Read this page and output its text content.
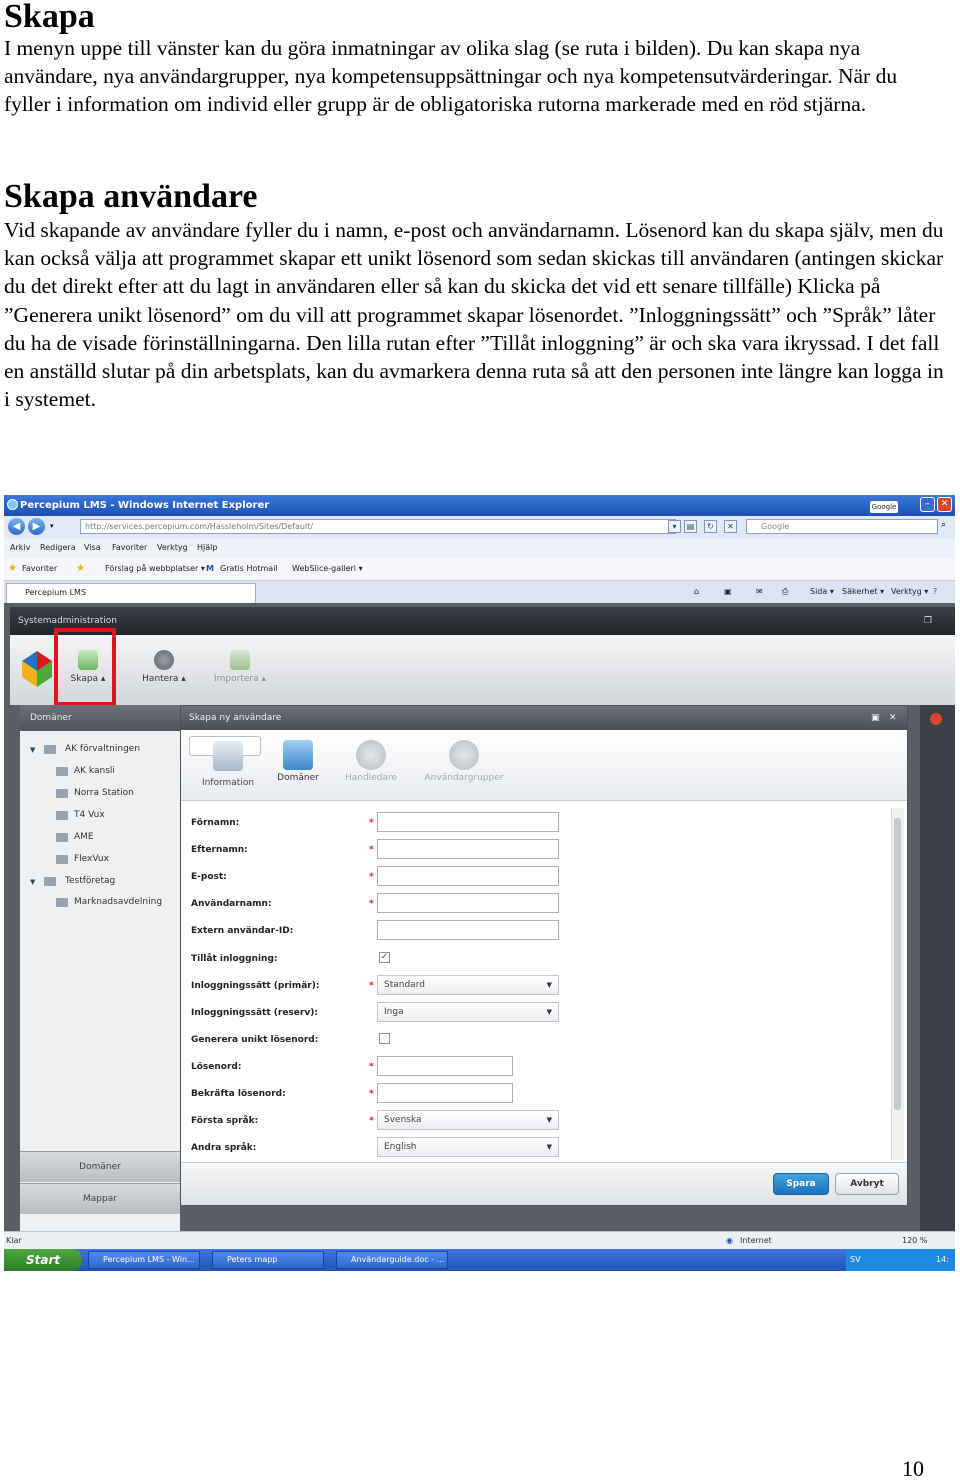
Skapa

I menyn uppe till vänster kan du göra inmatningar av olika slag (se ruta i bilden). Du kan skapa nya användare, nya användargrupper, nya kompetensuppsättningar och nya kompetensutvärderingar. När du fyller i information om individ eller grupp är de obligatoriska rutorna markerade med en röd stjärna.

Skapa användare

Vid skapande av användare fyller du i namn, e-post och användarnamn. Lösenord kan du skapa själv, men du kan också välja att programmet skapar ett unikt lösenord som sedan skickas till användaren (antingen skickar du det direkt efter att du lagt in användaren eller så kan du skicka det vid ett senare tillfälle) Klicka på ”Generera unikt lösenord” om du vill att programmet skapar lösenordet. ”Inloggningssätt” och ”Språk” låter du ha de visade förinställningarna. Den lilla rutan efter ”Tillåt inloggning” är och ska vara ikryssad. I det fall en anställd slutar på din arbetsplats, kan du avmarkera denna ruta så att den personen inte längre kan logga in i systemet.

Percepium LMS - Windows Internet Explorer	Google	–	✕
◀	▶	▾	http://services.percepium.com/Hassleholm/Sites/Default/	▾	▤	↻	✕	Google	⌕
Arkiv Redigera Visa Favoriter Verktyg Hjälp
★ Favoriter ★	Förslag på webbplatser ▾ M Gratis Hotmail WebSlice-galleri ▾
Percepium LMS	⌂	▣	✉ ⎙	Sida ▾ Säkerhet ▾ Verktyg ▾ ?
Systemadministration	❐
Skapa ▴	Hantera ▴	Importera ▴
Domäner
▼	AK förvaltningen
AK kansli
Norra Station
T4 Vux
AME
FlexVux
▼	Testföretag
Marknadsavdelning
Domäner
Mappar
Skapa ny användare	▣ ✕
Information	Domäner	Handledare	Användargrupper
Förnamn:	*
Efternamn:	*
E-post:	*
Användarnamn:	*
Extern användar-ID:
Tillåt inloggning:	✓
Inloggningssätt (primär):	*	Standard	▼
Inloggningssätt (reserv):	Inga	▼
Generera unikt lösenord:
Lösenord:	*
Bekräfta lösenord:	*
Första språk:	*	Svenska	▼
Andra språk:	English	▼
Spara	Avbryt
Klar	◉ Internet	120 %
Start	Percepium LMS - Win...	Peters mapp	Användarguide.doc - ...	SV	14:
10
